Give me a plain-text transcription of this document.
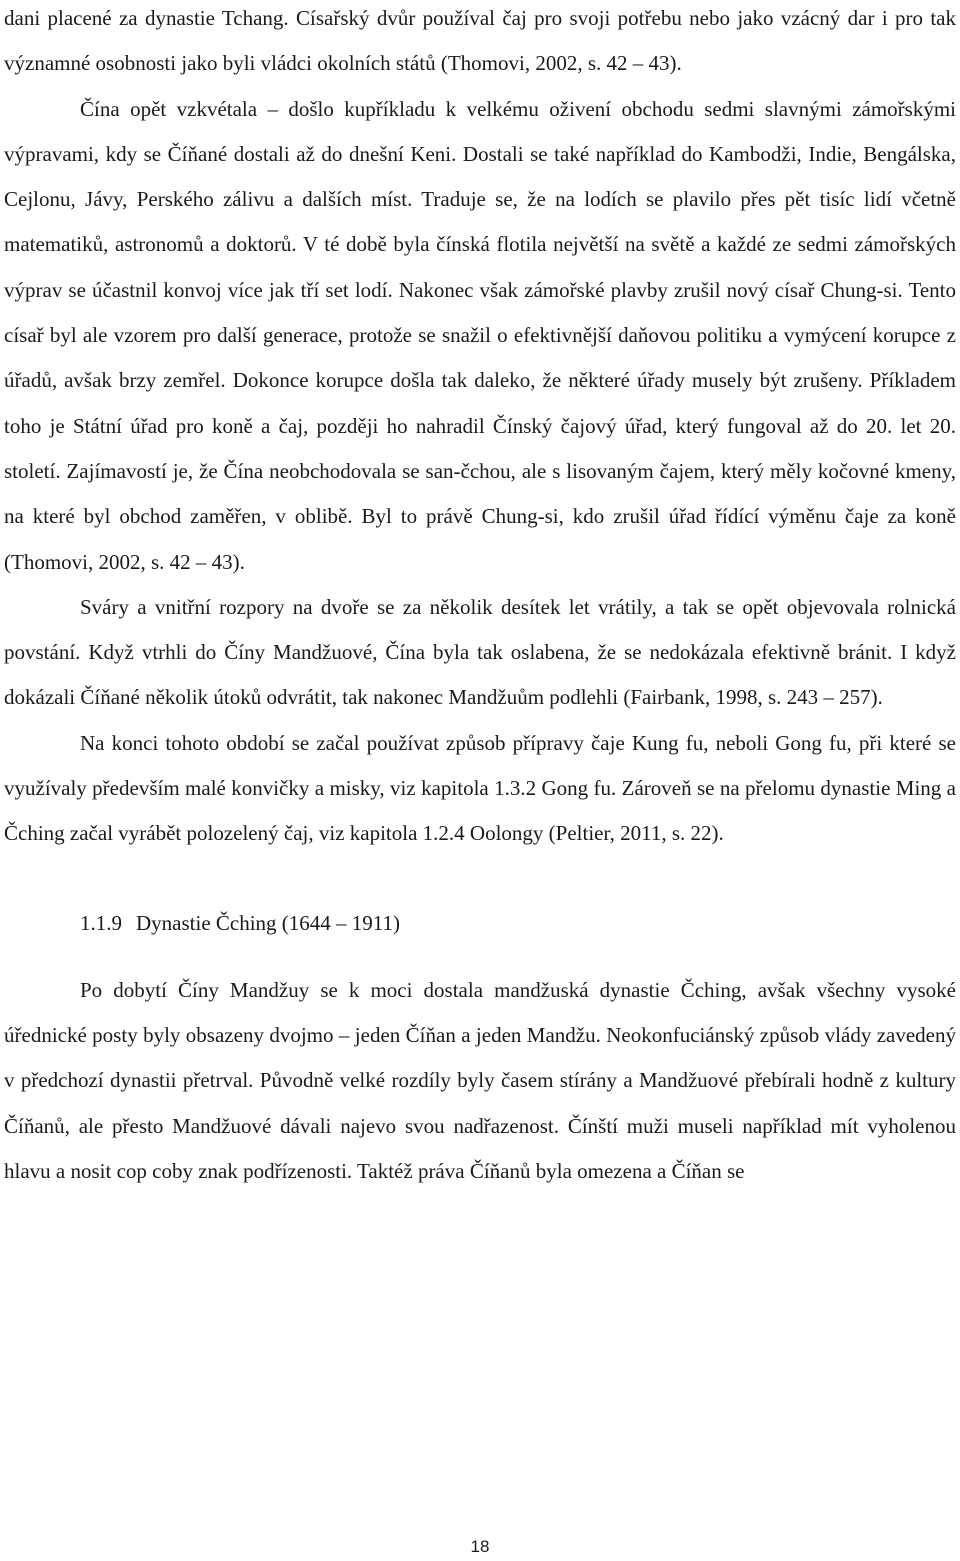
dani placené za dynastie Tchang. Císařský dvůr používal čaj pro svoji potřebu nebo jako vzácný dar i pro tak významné osobnosti jako byli vládci okolních států (Thomovi, 2002, s. 42 – 43).

Čína opět vzkvétala – došlo kupříkladu k velkému oživení obchodu sedmi slavnými zámořskými výpravami, kdy se Číňané dostali až do dnešní Keni. Dostali se také například do Kambodži, Indie, Bengálska, Cejlonu, Jávy, Perského zálivu a dalších míst. Traduje se, že na lodích se plavilo přes pět tisíc lidí včetně matematiků, astronomů a doktorů. V té době byla čínská flotila největší na světě a každé ze sedmi zámořských výprav se účastnil konvoj více jak tří set lodí. Nakonec však zámořské plavby zrušil nový císař Chung-si. Tento císař byl ale vzorem pro další generace, protože se snažil o efektivnější daňovou politiku a vymýcení korupce z úřadů, avšak brzy zemřel. Dokonce korupce došla tak daleko, že některé úřady musely být zrušeny. Příkladem toho je Státní úřad pro koně a čaj, později ho nahradil Čínský čajový úřad, který fungoval až do 20. let 20. století. Zajímavostí je, že Čína neobchodovala se san-čchou, ale s lisovaným čajem, který měly kočovné kmeny, na které byl obchod zaměřen, v oblibě. Byl to právě Chung-si, kdo zrušil úřad řídící výměnu čaje za koně (Thomovi, 2002, s. 42 – 43).

Sváry a vnitřní rozpory na dvoře se za několik desítek let vrátily, a tak se opět objevovala rolnická povstání. Když vtrhli do Číny Mandžuové, Čína byla tak oslabena, že se nedokázala efektivně bránit. I když dokázali Číňané několik útoků odvrátit, tak nakonec Mandžuům podlehli (Fairbank, 1998, s. 243 – 257).

Na konci tohoto období se začal používat způsob přípravy čaje Kung fu, neboli Gong fu, při které se využívaly především malé konvičky a misky, viz kapitola 1.3.2 Gong fu. Zároveň se na přelomu dynastie Ming a Čching začal vyrábět polozelený čaj, viz kapitola 1.2.4 Oolongy (Peltier, 2011, s. 22).

1.1.9 Dynastie Čching (1644 – 1911)

Po dobytí Číny Mandžuy se k moci dostala mandžuská dynastie Čching, avšak všechny vysoké úřednické posty byly obsazeny dvojmo – jeden Číňan a jeden Mandžu. Neokonfuciánský způsob vlády zavedený v předchozí dynastii přetrval. Původně velké rozdíly byly časem stírány a Mandžuové přebírali hodně z kultury Číňanů, ale přesto Mandžuové dávali najevo svou nadřazenost. Čínští muži museli například mít vyholenou hlavu a nosit cop coby znak podřízenosti. Taktéž práva Číňanů byla omezena a Číňan se

18
